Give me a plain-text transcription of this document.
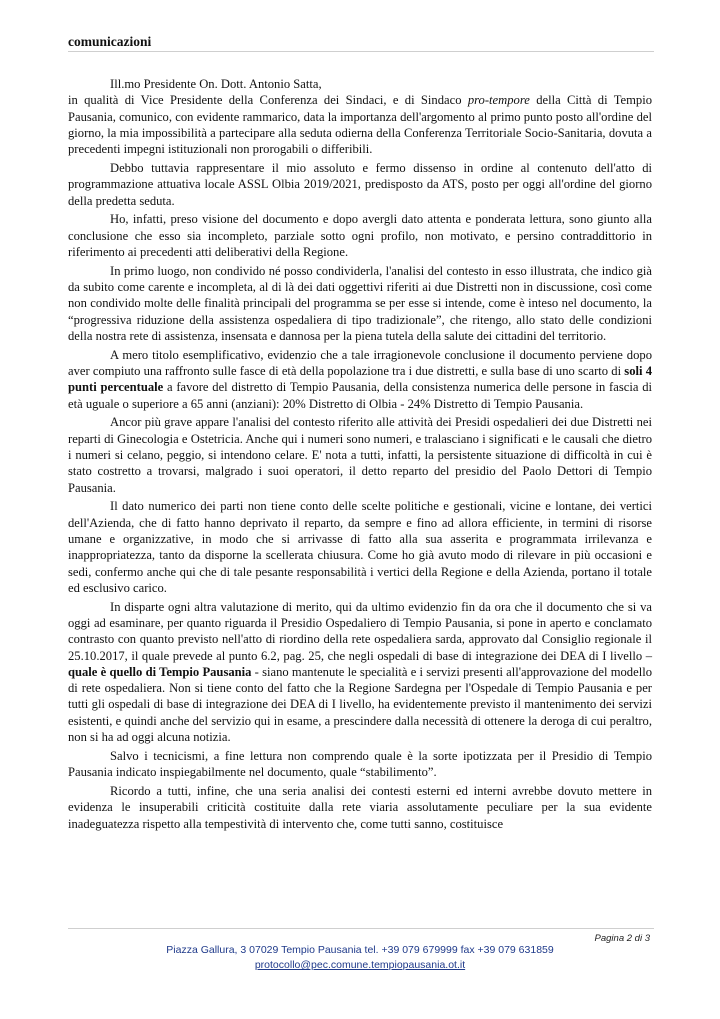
comunicazioni

Ill.mo Presidente On. Dott. Antonio Satta,

in qualità di Vice Presidente della Conferenza dei Sindaci, e di Sindaco pro-tempore della Città di Tempio Pausania, comunico, con evidente rammarico, data la importanza dell'argomento al primo punto posto all'ordine del giorno, la mia impossibilità a partecipare alla seduta odierna della Conferenza Territoriale Socio-Sanitaria, dovuta a precedenti impegni istituzionali non prorogabili o differibili.

Debbo tuttavia rappresentare il mio assoluto e fermo dissenso in ordine al contenuto dell'atto di programmazione attuativa locale ASSL Olbia 2019/2021, predisposto da ATS, posto per oggi all'ordine del giorno della predetta seduta.

Ho, infatti, preso visione del documento e dopo avergli dato attenta e ponderata lettura, sono giunto alla conclusione che esso sia incompleto, parziale sotto ogni profilo, non motivato, e persino contraddittorio in riferimento ai precedenti atti deliberativi della Regione.

In primo luogo, non condivido né posso condividerla, l'analisi del contesto in esso illustrata, che indico già da subito come carente e incompleta, al di là dei dati oggettivi riferiti ai due Distretti non in discussione, così come non condivido molte delle finalità principali del programma se per esse si intende, come è inteso nel documento, la “progressiva riduzione della assistenza ospedaliera di tipo tradizionale”, che ritengo, allo stato delle condizioni della nostra rete di assistenza, insensata e dannosa per la piena tutela della salute dei cittadini del territorio.

A mero titolo esemplificativo, evidenzio che a tale irragionevole conclusione il documento perviene dopo aver compiuto una raffronto sulle fasce di età della popolazione tra i due distretti, e sulla base di uno scarto di soli 4 punti percentuale a favore del distretto di Tempio Pausania, della consistenza numerica delle persone in fascia di età uguale o superiore a 65 anni (anziani): 20% Distretto di Olbia - 24% Distretto di Tempio Pausania.

Ancor più grave appare l'analisi del contesto riferito alle attività dei Presidi ospedalieri dei due Distretti nei reparti di Ginecologia e Ostetricia. Anche qui i numeri sono numeri, e tralasciano i significati e le causali che dietro i numeri si celano, peggio, si intendono celare. E' nota a tutti, infatti, la persistente situazione di difficoltà in cui è stato costretto a trovarsi, malgrado i suoi operatori, il detto reparto del presidio del Paolo Dettori di Tempio Pausania.

Il dato numerico dei parti non tiene conto delle scelte politiche e gestionali, vicine e lontane, dei vertici dell'Azienda, che di fatto hanno deprivato il reparto, da sempre e fino ad allora efficiente, in termini di risorse umane e organizzative, in modo che si arrivasse di fatto alla sua asserita e programmata irrilevanza e inappropriatezza, tanto da disporne la scellerata chiusura. Come ho già avuto modo di rilevare in più occasioni e sedi, confermo anche qui che di tale pesante responsabilità i vertici della Regione e della Azienda, portano il totale ed esclusivo carico.

In disparte ogni altra valutazione di merito, qui da ultimo evidenzio fin da ora che il documento che si va oggi ad esaminare, per quanto riguarda il Presidio Ospedaliero di Tempio Pausania, si pone in aperto e conclamato contrasto con quanto previsto nell'atto di riordino della rete ospedaliera sarda, approvato dal Consiglio regionale il 25.10.2017, il quale prevede al punto 6.2, pag. 25, che negli ospedali di base di integrazione dei DEA di I livello – quale è quello di Tempio Pausania - siano mantenute le specialità e i servizi presenti all'approvazione del modello di rete ospedaliera. Non si tiene conto del fatto che la Regione Sardegna per l'Ospedale di Tempio Pausania e per tutti gli ospedali di base di integrazione dei DEA di I livello, ha evidentemente previsto il mantenimento dei servizi esistenti, e quindi anche del servizio qui in esame, a prescindere dalla necessità di ottenere la deroga di cui peraltro, non si ha ad oggi alcuna notizia.

Salvo i tecnicismi, a fine lettura non comprendo quale è la sorte ipotizzata per il Presidio di Tempio Pausania indicato inspiegabilmente nel documento, quale “stabilimento”.

Ricordo a tutti, infine, che una seria analisi dei contesti esterni ed interni avrebbe dovuto mettere in evidenza le insuperabili criticità costituite dalla rete viaria assolutamente peculiare per la sua evidente inadeguatezza rispetto alla tempestività di intervento che, come tutti sanno, costituisce

Pagina 2 di 3
Piazza Gallura, 3 07029 Tempio Pausania tel. +39 079 679999 fax +39 079 631859
protocollo@pec.comune.tempiopausania.ot.it
